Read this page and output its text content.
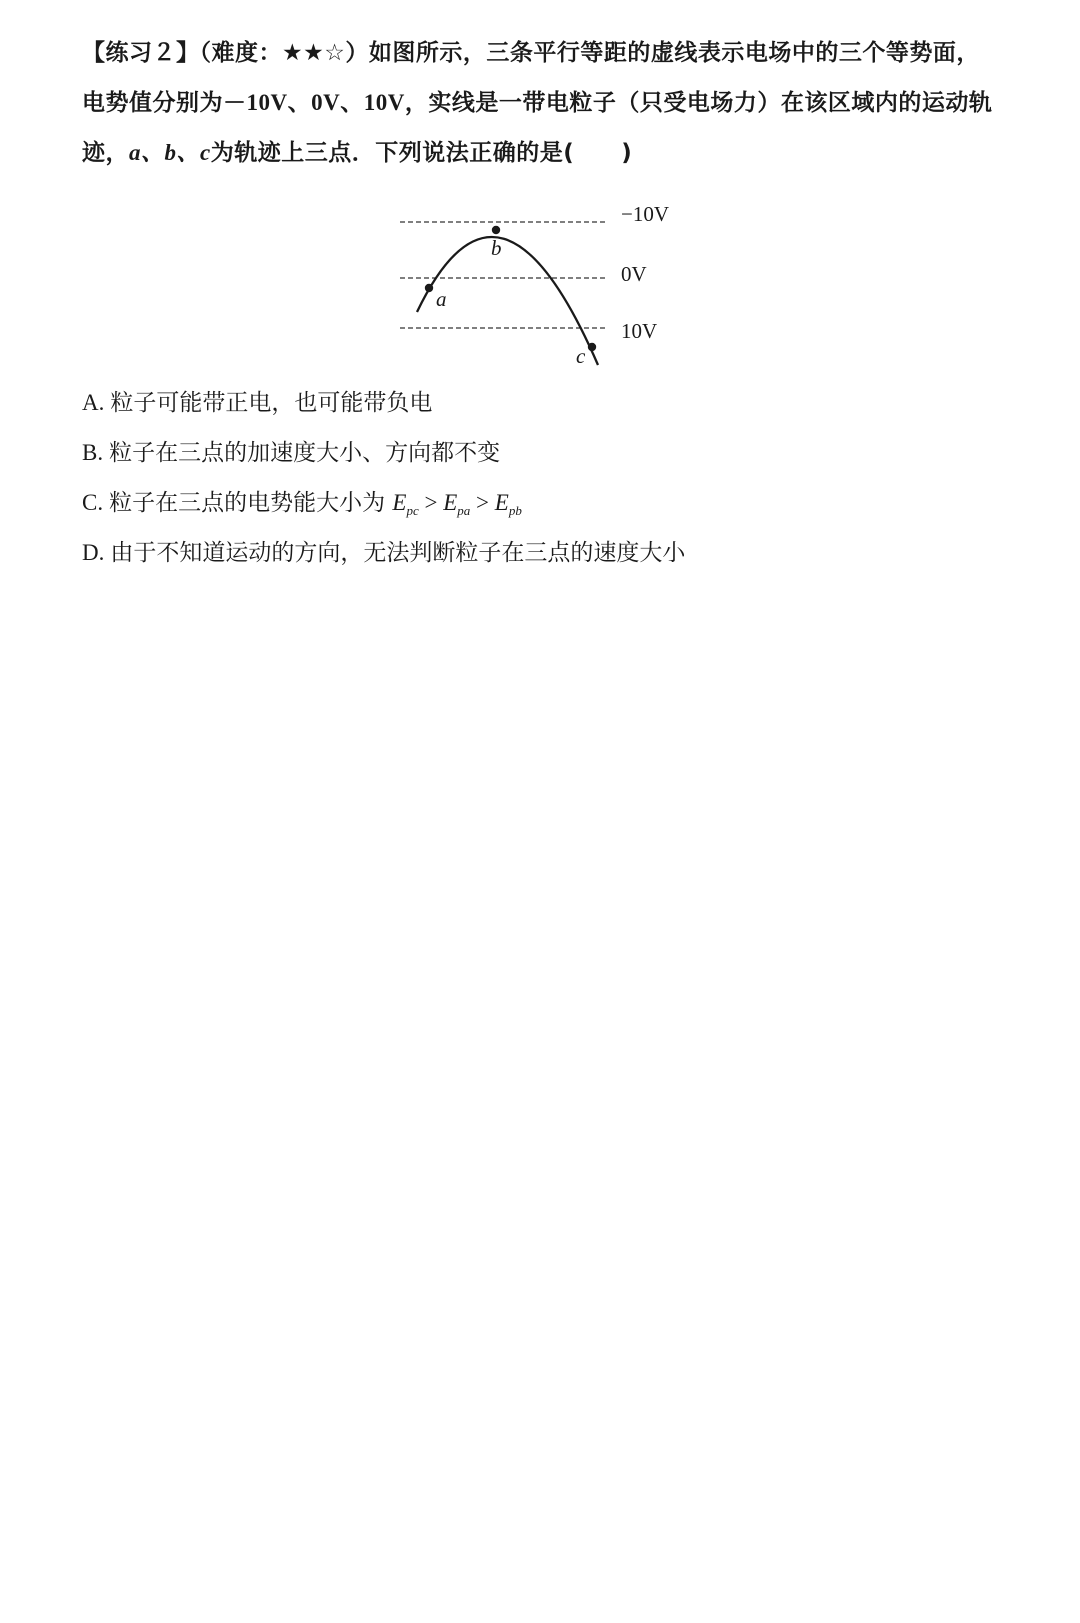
【练习２】（难度：★★☆）如图所示，三条平行等距的虚线表示电场中的三个等势面，电势值分别为－10V、0V、10V，实线是一带电粒子（只受电场力）在该区域内的运动轨迹，a、b、c为轨迹上三点．下列说法正确的是(　　)
−10V
0V
10V
a
b
c
A. 粒子可能带正电，也可能带负电
B. 粒子在三点的加速度大小、方向都不变
C. 粒子在三点的电势能大小为 $E_{pc} > E_{pa} > E_{pb}$
D. 由于不知道运动的方向，无法判断粒子在三点的速度大小
